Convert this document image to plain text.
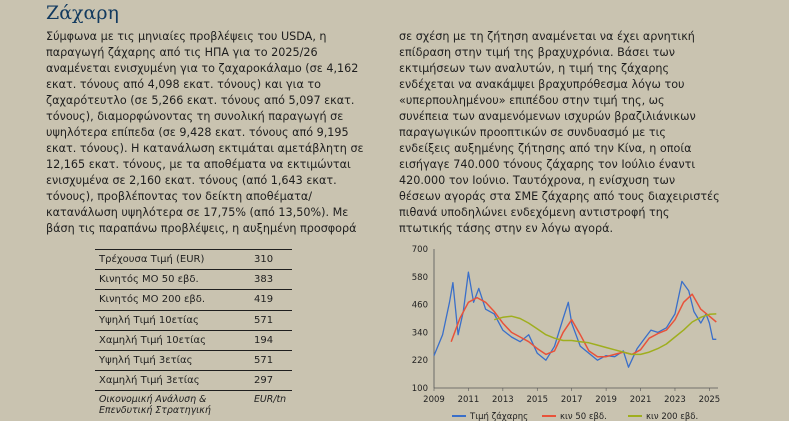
Ζάχαρη
Σύμφωνα με τις μηνιαίες προβλέψεις του USDA, η
παραγωγή ζάχαρης από τις ΗΠΑ για το 2025/26
αναμένεται ενισχυμένη για το ζαχαροκάλαμο (σε 4,162
εκατ. τόνους από 4,098 εκατ. τόνους) και για το
ζαχαρότευτλο (σε 5,266 εκατ. τόνους από 5,097 εκατ.
τόνους), διαμορφώνοντας τη συνολική παραγωγή σε
υψηλότερα επίπεδα (σε 9,428 εκατ. τόνους από 9,195
εκατ. τόνους). Η κατανάλωση εκτιμάται αμετάβλητη σε
12,165 εκατ. τόνους, με τα αποθέματα να εκτιμώνται
ενισχυμένα σε 2,160 εκατ. τόνους (από 1,643 εκατ.
τόνους), προβλέποντας τον δείκτη αποθέματα/
κατανάλωση υψηλότερα σε 17,75% (από 13,50%). Με
βάση τις παραπάνω προβλέψεις, η αυξημένη προσφορά
σε σχέση με τη ζήτηση αναμένεται να έχει αρνητική
επίδραση στην τιμή της βραχυχρόνια. Βάσει των
εκτιμήσεων των αναλυτών, η τιμή της ζάχαρης
ενδέχεται να ανακάμψει βραχυπρόθεσμα λόγω του
«υπερπουλημένου» επιπέδου στην τιμή της, ως
συνέπεια των αναμενόμενων ισχυρών βραζιλιάνικων
παραγωγικών προοπτικών σε συνδυασμό με τις
ενδείξεις αυξημένης ζήτησης από την Κίνα, η οποία
εισήγαγε 740.000 τόνους ζάχαρης τον Ιούλιο έναντι
420.000 τον Ιούνιο. Ταυτόχρονα, η ενίσχυση των
θέσεων αγοράς στα ΣΜΕ ζάχαρης από τους διαχειριστές
πιθανά υποδηλώνει ενδεχόμενη αντιστροφή της
πτωτικής τάσης στην εν λόγω αγορά.
Τρέχουσα Τιμή (EUR)	310
Κινητός ΜΟ 50 εβδ.	383
Κινητός ΜΟ 200 εβδ.	419
Υψηλή Τιμή 10ετίας	571
Χαμηλή Τιμή 10ετίας	194
Υψηλή Τιμή 3ετίας	571
Χαμηλή Τιμή 3ετίας	297

Οικονομική Ανάλυση &
Επενδυτική Στρατηγική	EUR/tn
100
220
340
460
580
700
2009 2011 2013 2015 2017 2019 2021 2023 2025
Τιμή ζάχαρης	κιν 50 εβδ.	κιν 200 εβδ.
